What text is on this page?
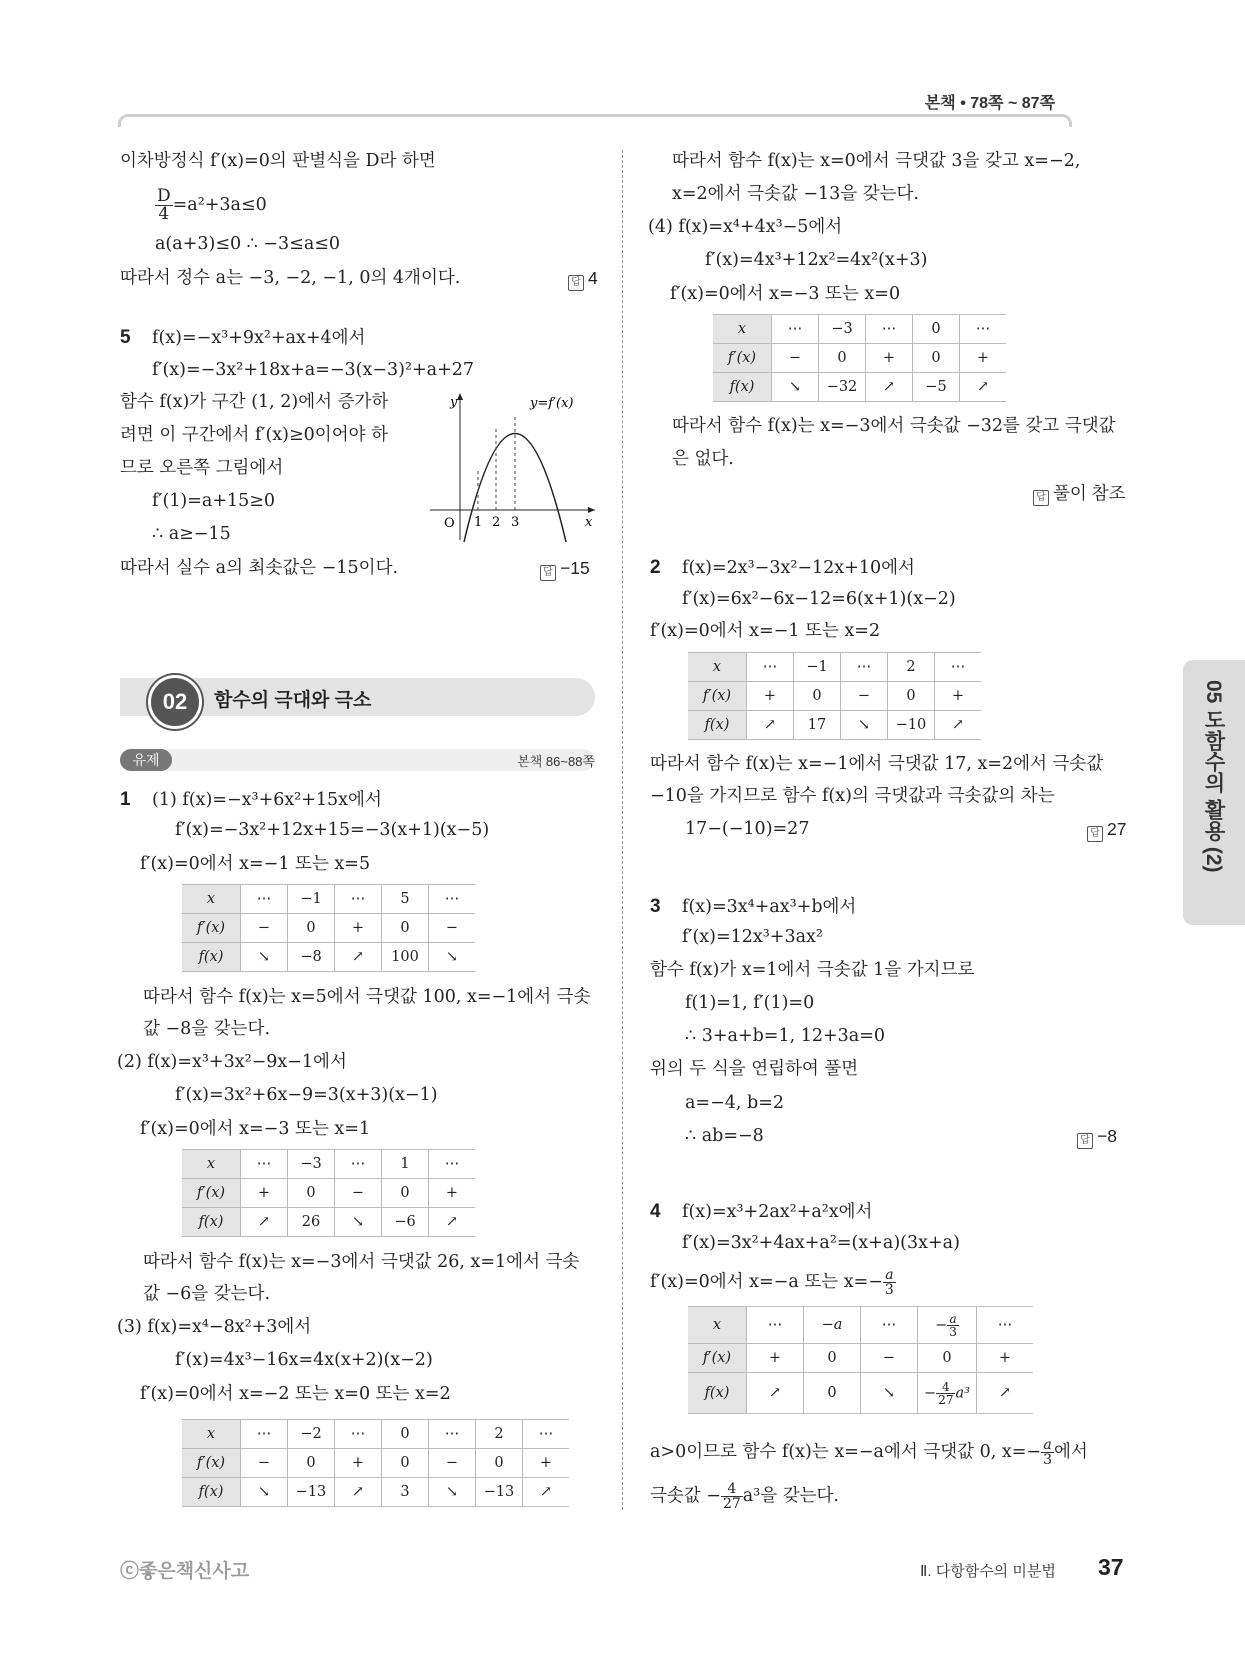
본책 • 78쪽 ~ 87쪽
05 도함수의 활용 (2)
이차방정식 f′(x)=0의 판별식을 D라 하면
$\frac{D}{4} =a^2+3a\le 0$
a(a+3)≤0 ∴ −3≤a≤0
따라서 정수 a는 −3, −2, −1, 0의 4개이다.	답 4
5 f(x)=−x³+9x²+ax+4에서
f′(x)=−3x²+18x+a=−3(x−3)²+a+27
함수 f(x)가 구간 (1, 2)에서 증가하
려면 이 구간에서 f′(x)≥0이어야 하
므로 오른쪽 그림에서
f′(1)=a+15≥0
∴ a≥−15
따라서 실수 a의 최솟값은 −15이다.	답 −15
y	y=f′(x)
O 1 2 3	x
02	함수의 극대와 극소
유제	본책 86~88쪽
1 (1) f(x)=−x³+6x²+15x에서
f′(x)=−3x²+12x+15=−3(x+1)(x−5)
f′(x)=0에서 x=−1 또는 x=5
x	⋯	−1	⋯	5	⋯
f′(x)	−	0	+	0	−
f(x)	↘	−8	↗	100	↘
따라서 함수 f(x)는 x=5에서 극댓값 100, x=−1에서 극솟
값 −8을 갖는다.
(2) f(x)=x³+3x²−9x−1에서
f′(x)=3x²+6x−9=3(x+3)(x−1)
f′(x)=0에서 x=−3 또는 x=1
x	⋯	−3	⋯	1	⋯
f′(x)	+	0	−	0	+
f(x)	↗	26	↘	−6	↗
따라서 함수 f(x)는 x=−3에서 극댓값 26, x=1에서 극솟
값 −6을 갖는다.
(3) f(x)=x⁴−8x²+3에서
f′(x)=4x³−16x=4x(x+2)(x−2)
f′(x)=0에서 x=−2 또는 x=0 또는 x=2
x	⋯	−2	⋯	0	⋯	2	⋯
f′(x)	−	0	+	0	−	0	+
f(x)	↘	−13	↗	3	↘	−13	↗
따라서 함수 f(x)는 x=0에서 극댓값 3을 갖고 x=−2,
x=2에서 극솟값 −13을 갖는다.
(4) f(x)=x⁴+4x³−5에서
f′(x)=4x³+12x²=4x²(x+3)
f′(x)=0에서 x=−3 또는 x=0
x	⋯	−3	⋯	0	⋯
f′(x)	−	0	+	0	+
f(x)	↘	−32	↗	−5	↗
따라서 함수 f(x)는 x=−3에서 극솟값 −32를 갖고 극댓값
은 없다.
답 풀이 참조
2 f(x)=2x³−3x²−12x+10에서
f′(x)=6x²−6x−12=6(x+1)(x−2)
f′(x)=0에서 x=−1 또는 x=2
x	⋯	−1	⋯	2	⋯
f′(x)	+	0	−	0	+
f(x)	↗	17	↘	−10	↗
따라서 함수 f(x)는 x=−1에서 극댓값 17, x=2에서 극솟값
−10을 가지므로 함수 f(x)의 극댓값과 극솟값의 차는
17−(−10)=27	답 27
3 f(x)=3x⁴+ax³+b에서
f′(x)=12x³+3ax²
함수 f(x)가 x=1에서 극솟값 1을 가지므로
f(1)=1, f′(1)=0
∴ 3+a+b=1, 12+3a=0
위의 두 식을 연립하여 풀면
a=−4, b=2
∴ ab=−8	답 −8
4 f(x)=x³+2ax²+a²x에서
f′(x)=3x²+4ax+a²=(x+a)(3x+a)
f′(x)=0에서 x=−a 또는 $x=- \frac{a}{3}$
x	⋯	−a	⋯	− $\frac{a}{3}$	⋯
f′(x)	+	0	−	0	+
f(x)	↗	0	↘	− $\frac{4}{27} a^3$	↗
a>0이므로 함수 f(x)는 x=−a에서 극댓값 0, $x=- \frac{a}{3}$ 에서
극솟값 − $\frac{4}{27} a^3$을 갖는다.
ⓒ좋은책신사고	Ⅱ. 다항함수의 미분법 37
